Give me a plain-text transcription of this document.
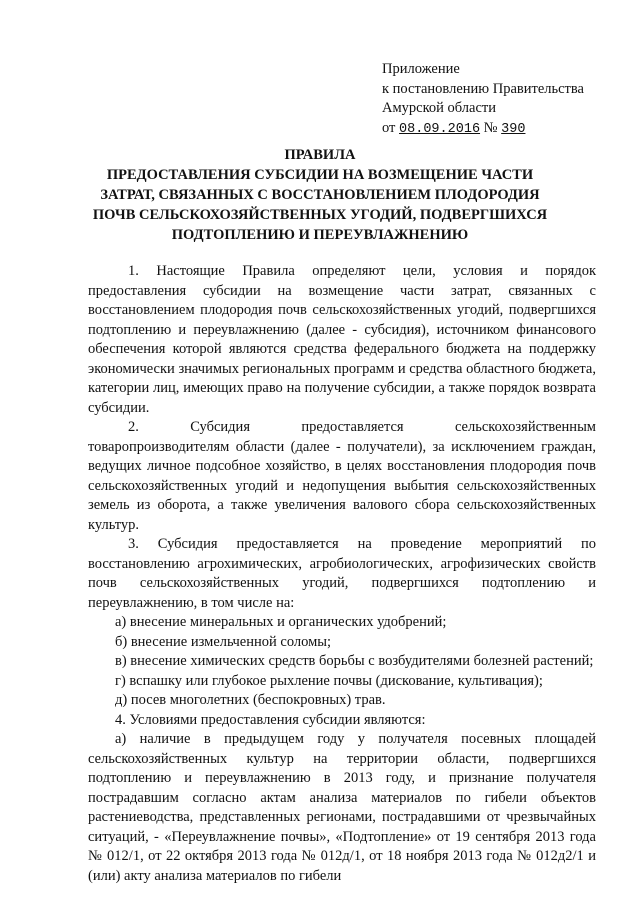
Приложение
к постановлению Правительства
Амурской области
от 08.09.2016 № 390
ПРАВИЛА
ПРЕДОСТАВЛЕНИЯ СУБСИДИИ НА ВОЗМЕЩЕНИЕ ЧАСТИ
ЗАТРАТ, СВЯЗАННЫХ С ВОССТАНОВЛЕНИЕМ ПЛОДОРОДИЯ
ПОЧВ СЕЛЬСКОХОЗЯЙСТВЕННЫХ УГОДИЙ, ПОДВЕРГШИХСЯ
ПОДТОПЛЕНИЮ И ПЕРЕУВЛАЖНЕНИЮ

1. Настоящие Правила определяют цели, условия и порядок предоставления субсидии на возмещение части затрат, связанных с восстановлением плодородия почв сельскохозяйственных угодий, подвергшихся подтоплению и переувлажнению (далее - субсидия), источником финансового обеспечения которой являются средства федерального бюджета на поддержку экономически значимых региональных программ и средства областного бюджета, категории лиц, имеющих право на получение субсидии, а также порядок возврата субсидии.

2. Субсидия предоставляется сельскохозяйственным товаропроизводителям области (далее - получатели), за исключением граждан, ведущих личное подсобное хозяйство, в целях восстановления плодородия почв сельскохозяйственных угодий и недопущения выбытия сельскохозяйственных земель из оборота, а также увеличения валового сбора сельскохозяйственных культур.

3. Субсидия предоставляется на проведение мероприятий по восстановлению агрохимических, агробиологических, агрофизических свойств почв сельскохозяйственных угодий, подвергшихся подтоплению и переувлажнению, в том числе на:

а) внесение минеральных и органических удобрений;

б) внесение измельченной соломы;

в) внесение химических средств борьбы с возбудителями болезней растений;

г) вспашку или глубокое рыхление почвы (дискование, культивация);

д) посев многолетних (беспокровных) трав.

4. Условиями предоставления субсидии являются:

а) наличие в предыдущем году у получателя посевных площадей сельскохозяйственных культур на территории области, подвергшихся подтоплению и переувлажнению в 2013 году, и признание получателя пострадавшим согласно актам анализа материалов по гибели объектов растениеводства, представленных регионами, пострадавшими от чрезвычайных ситуаций, - «Переувлажнение почвы», «Подтопление» от 19 сентября 2013 года № 012/1, от 22 октября 2013 года № 012д/1, от 18 ноября 2013 года № 012д2/1 и (или) акту анализа материалов по гибели
